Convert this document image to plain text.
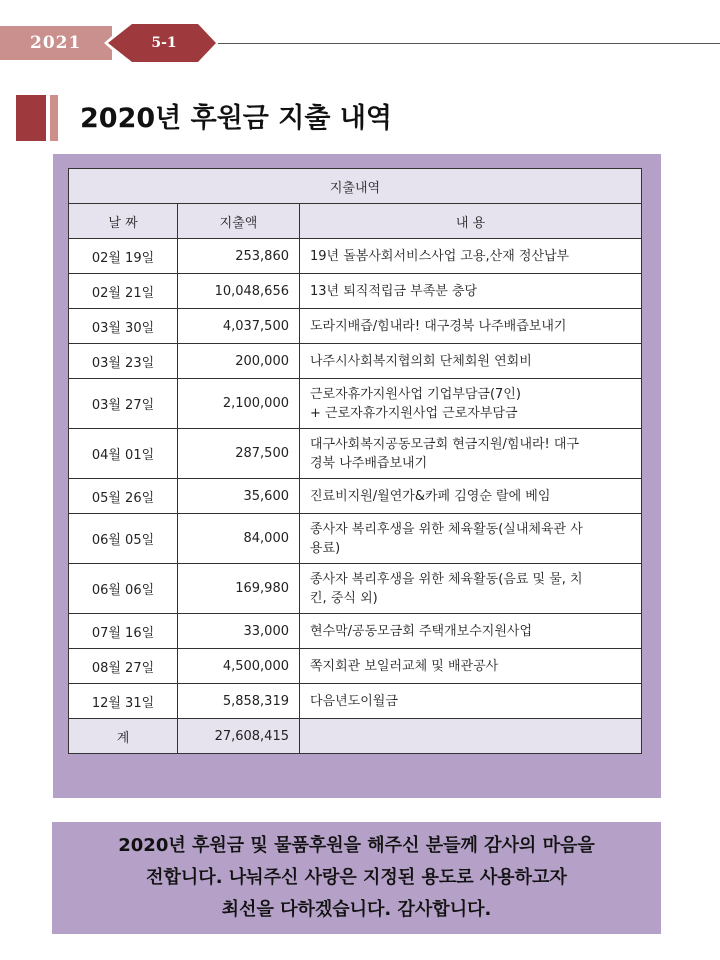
2021	5-1
2020년 후원금 지출 내역
지출내역		
날 짜	지출액	내 용
02월 19일	253,860	19년 돌봄사회서비스사업 고용,산재 정산납부

02월 21일	10,048,656	13년 퇴직적립금 부족분 충당

03월 30일	4,037,500	도라지배즙/힘내라! 대구경북 나주배즙보내기

03월 23일	200,000	나주시사회복지협의회 단체회원 연회비

03월 27일	2,100,000	근로자휴가지원사업 기업부담금(7인)
+ 근로자휴가지원사업 근로자부담금

04월 01일	287,500	대구사회복지공동모금회 현금지원/힘내라! 대구
경북 나주배즙보내기

05월 26일	35,600	진료비지원/월연가&카페 김영순 랄에 베임

06월 05일	84,000	종사자 복리후생을 위한 체육활동(실내체육관 사
용료)

06월 06일	169,980	종사자 복리후생을 위한 체육활동(음료 및 물, 치
킨, 중식 외)

07월 16일	33,000	현수막/공동모금회 주택개보수지원사업

08월 27일	4,500,000	쪽지회관 보일러교체 및 배관공사

12월 31일	5,858,319	다음년도이월금

계	27,608,415	
2020년 후원금 및 물품후원을 해주신 분들께 감사의 마음을
전합니다. 나눠주신 사랑은 지정된 용도로 사용하고자
최선을 다하겠습니다. 감사합니다.
